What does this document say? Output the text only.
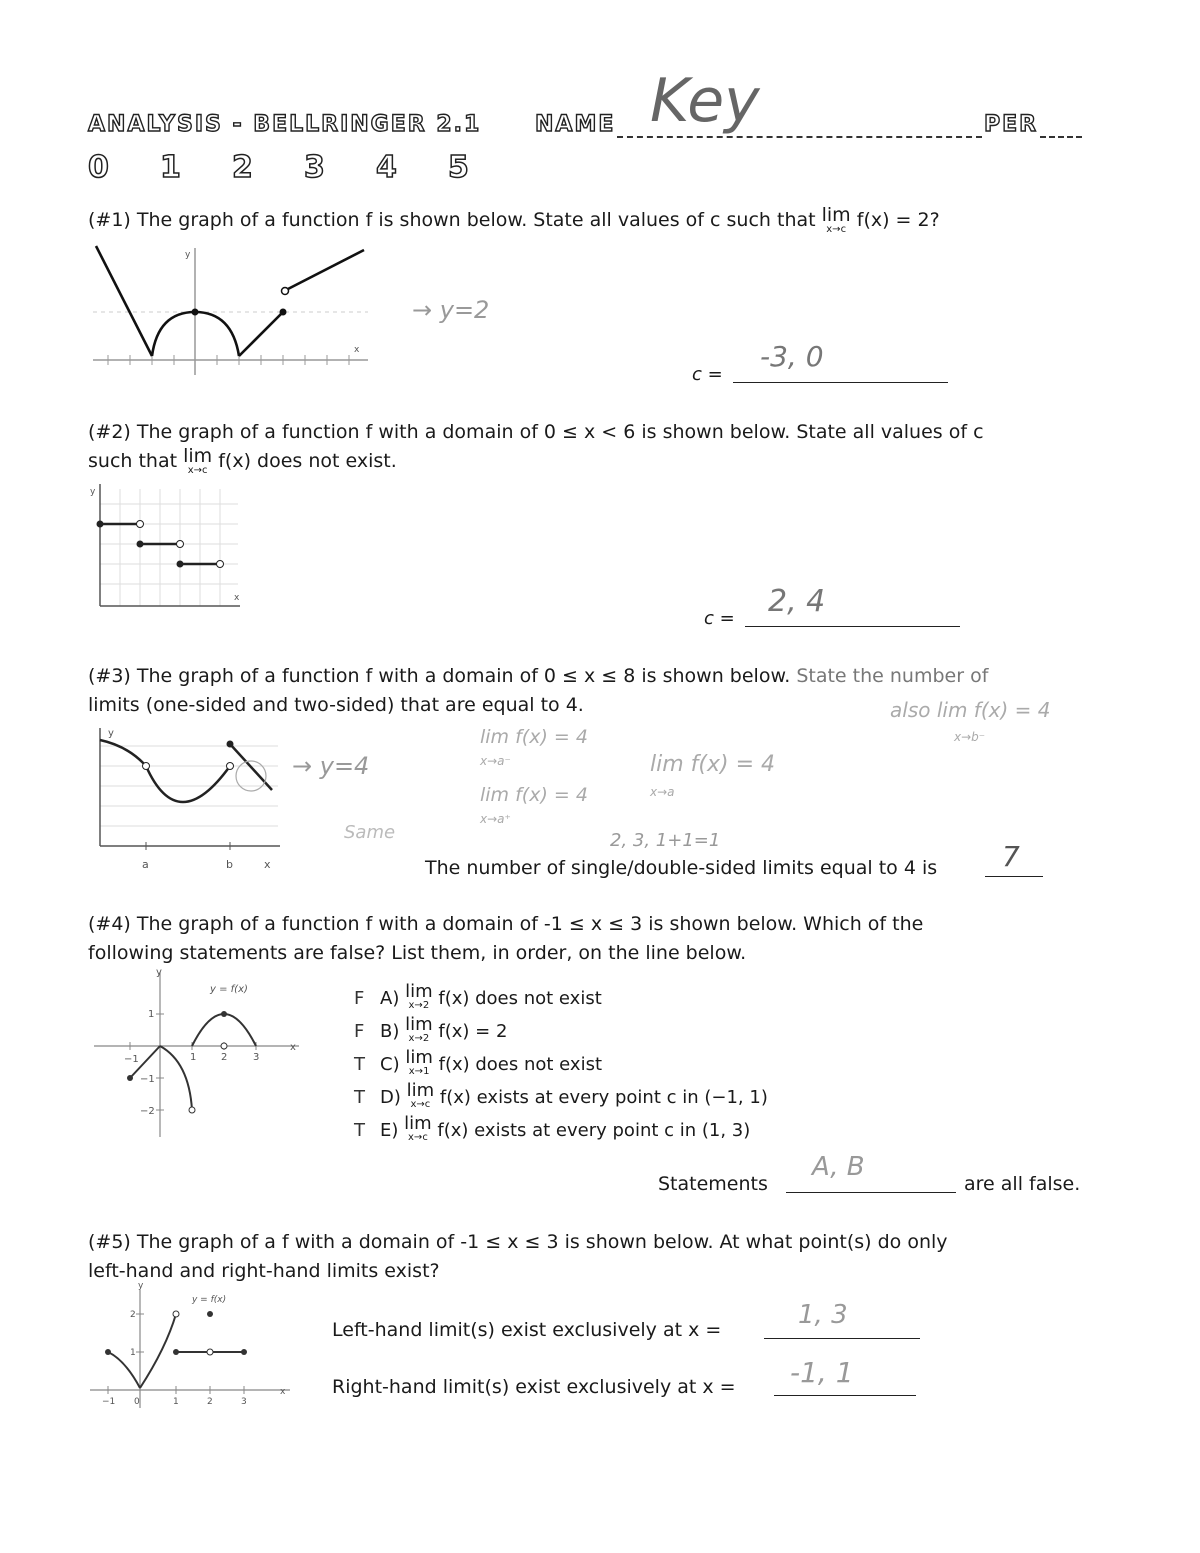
ANALYSIS - BELLRINGER 2.1 NAME Key	PER
0	1	2	3	4	5
(#1) The graph of a function f is shown below. State all values of c such that lim
x→c f(x) = 2?
x
y
→ y=2
c =
-3, 0
(#2) The graph of a function f with a domain of 0 ≤ x < 6 is shown below. State all values of c
such that lim
x→c f(x) does not exist.
y
x
c = 2, 4
(#3) The graph of a function f with a domain of 0 ≤ x ≤ 8 is shown below. State the number of
limits (one-sided and two-sided) that are equal to 4.
y
a	b	x
→ y=4
lim f(x) = 4
x→a⁻
lim f(x) = 4
x→a⁺
lim f(x) = 4
x→a
also lim f(x) = 4
x→b⁻
Same	2, 3, 1+1=1
The number of single/double-sided limits equal to 4 is 7
(#4) The graph of a function f with a domain of -1 ≤ x ≤ 3 is shown below. Which of the
following statements are false? List them, in order, on the line below.
−1	1 2	3
1
−1
−2
x
y
y = f(x)	F A) lim
x→2 f(x) does not exist
F B) lim
x→2 f(x) = 2
T C) lim
x→1 f(x) does not exist
T D) lim
x→c f(x) exists at every point c in (−1, 1)
T E) lim
x→c f(x) exists at every point c in (1, 3)
Statements
A, B
are all false.
(#5) The graph of a f with a domain of -1 ≤ x ≤ 3 is shown below. At what point(s) do only
left-hand and right-hand limits exist?
−1 0	1	2	3
1
2
x
y
y = f(x)
Left-hand limit(s) exist exclusively at x =	1, 3
Right-hand limit(s) exist exclusively at x = -1, 1
